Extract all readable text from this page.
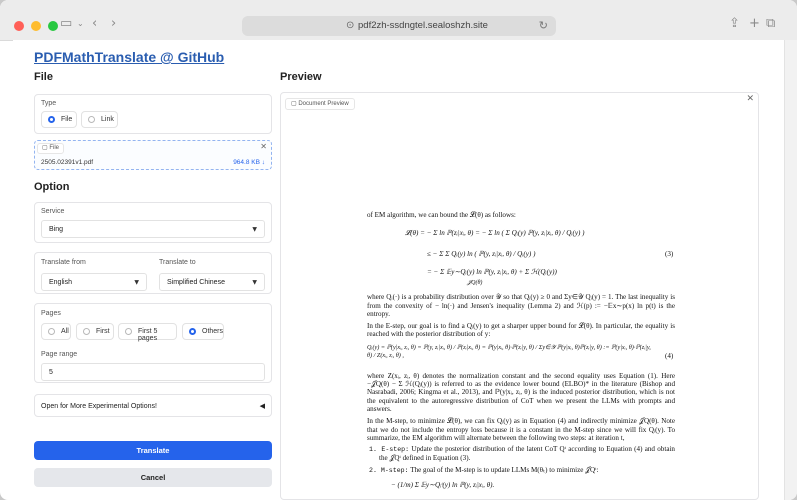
▭ ⌄ ‹ ›	⊙ pdf2zh-ssdngtel.sealoshzh.site	↻	⇪ + ⧉
PDFMathTranslate @ GitHub
File	Preview
Type
File	Link
▢ File	✕
2505.02391v1.pdf	964.8 KB ↓
Option
Service
Bing	▼
Translate from	Translate to
English	▼	Simplified Chinese	▼
Pages
All	First	First 5 pages
Others
Page range
5
Open for More Experimental Options!	◀
Translate
Cancel
▢ Document Preview	✕

of EM algorithm, we can bound the 𝓛(θ) as follows:

𝓛(θ) = − Σ ln ℙ(zᵢ|xᵢ, θ) = − Σ ln ( Σ Qᵢ(y) ℙ(y, zᵢ|xᵢ, θ) / Qᵢ(y) )
≤ − Σ Σ Qᵢ(y) ln ( ℙ(y, zᵢ|xᵢ, θ) / Qᵢ(y) )	(3)
= − Σ 𝔼y∼Qᵢ(y) ln ℙ(y, zᵢ|xᵢ, θ) + Σ ℋ(Qᵢ(y))
𝒥Q(θ)

where Qᵢ(·) is a probability distribution over 𝒴 so that Qᵢ(y) ≥ 0 and Σy∈𝒴 Qᵢ(y) = 1. The last inequality is from the convexity of − ln(·) and Jensen's inequality (Lemma 2) and ℋ(p) := −𝔼x∼p(x) ln p(t) is the entropy.

In the E-step, our goal is to find a Qᵢ(y) to get a sharper upper bound for 𝓛(θ). In particular, the equality is reached with the posterior distribution of y:

Qᵢ(y) = ℙ(y|xᵢ, zᵢ, θ) = ℙ(y, zᵢ|xᵢ, θ) / ℙ(zᵢ|xᵢ, θ) = ℙ(y|xᵢ, θ)·ℙ(zᵢ|y, θ) / Σy∈𝒴 ℙ(y|xᵢ, θ)ℙ(zᵢ|y, θ) := ℙ(y|xᵢ, θ)·ℙ(zᵢ|y, θ) / Z(xᵢ, zᵢ, θ) ,	(4)

where Z(xᵢ, zᵢ, θ) denotes the normalization constant and the second equality uses Equation (1). Here −𝒥Q(θ) − Σ ℋ(Qᵢ(y)) is referred to as the evidence lower bound (ELBO)* in the literature (Bishop and Nasrabadi, 2006; Kingma et al., 2013), and ℙ(y|xᵢ, zᵢ, θ) is the induced posterior distribution, which is not the equivalent to the autoregressive distribution of CoT when we present the LLMs with prompts and answers.

In the M-step, to minimize 𝓛(θ), we can fix Qᵢ(y) as in Equation (4) and indirectly minimize 𝒥Q(θ). Note that we do not include the entropy loss because it is a constant in the M-step since we will fix Qᵢ(y). To summarize, the EM algorithm will alternate between the following two steps: at iteration t,

1. E-step: Update the posterior distribution of the latent CoT Qᵗ according to Equation (4) and obtain the 𝒥Qᵗ defined in Equation (3).

2. M-step: The goal of the M-step is to update LLMs M(θₜ) to minimize 𝒥Qᵗ:

− (1/m) Σ 𝔼y∼Qᵢᵗ(y) ln ℙ(y, zᵢ|xᵢ, θ).
